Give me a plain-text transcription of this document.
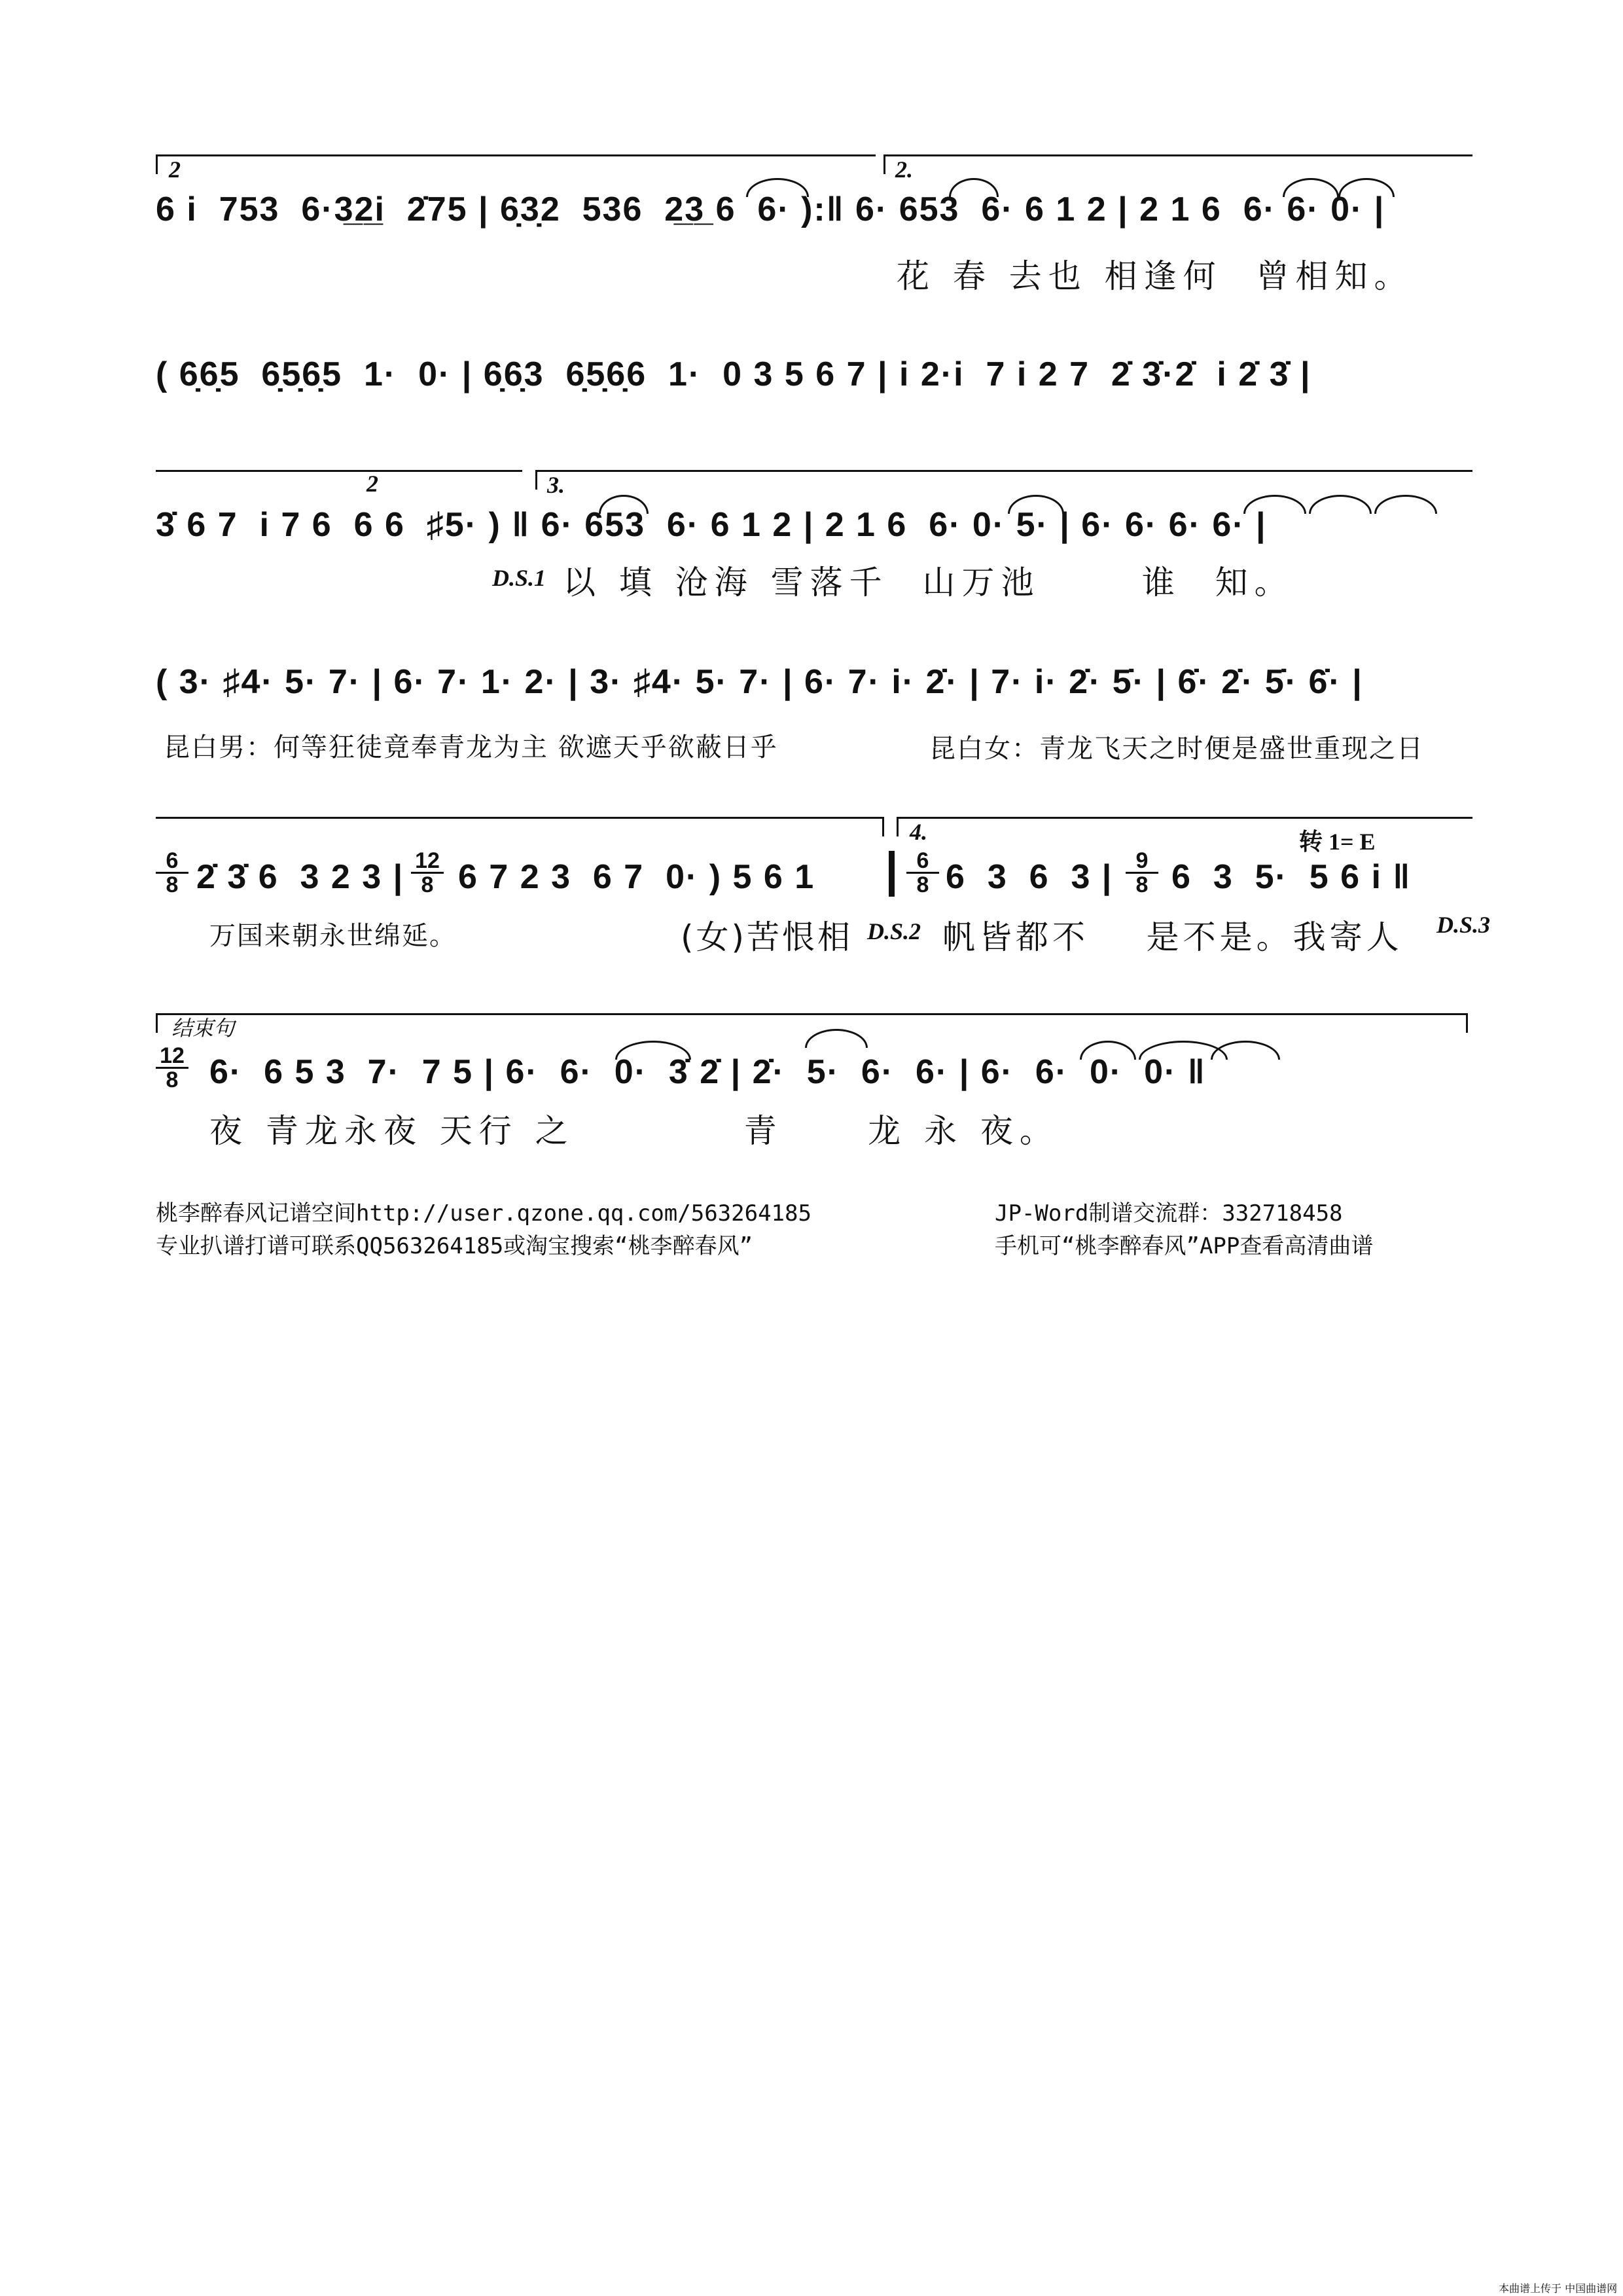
2	2.
6 i  753  6·3̲2̲i  2̇75 | 6̣3̣2  536  2̲3̲ 6  6· ):‖ 6· 653  6· 6 1 2 | 2 1 6  6· 6· 0· |
花 春 去也 相逢何  曾相知。
( 6̣6̣5  6̣5̣6̣5  1·  0· | 6̣6̣3  6̣5̣6̣6  1·  0 3 5 6 7 | i 2·i  7 i 2 7  2̇ 3̇·2̇  i 2̇ 3̇ |
2	3.
3̇ 6 7  i 7 6  6 6  ♯5· ) ‖ 6· 653  6· 6 1 2 | 2 1 6  6· 0· 5· | 6· 6· 6· 6· |
D.S.1 以 填 沧海 雪落千  山万池      谁  知。
( 3· ♯4· 5· 7· | 6· 7· 1· 2· | 3· ♯4· 5· 7· | 6· 7· i· 2̇· | 7· i· 2̇· 5̇· | 6̇· 2̇· 5̇· 6̇· |
昆白男：何等狂徒竟奉青龙为主 欲遮天乎欲蔽日乎	昆白女：青龙飞天之时便是盛世重现之日
4.	转 1= E
6
8 2̇ 3̇ 6  3 2 3 | 12
8 6 7 2 3  6 7  0· ) 5 6 1	6
8 6  3  6  3 |	9
8 6  3  5·  5 6 i ‖
万国来朝永世绵延。	(女)苦恨相 D.S.2 帆皆都不    是不是。我寄人 D.S.3
结束句
12
8 6·  6 5 3  7·  7 5 | 6·  6·  0·  3̇ 2̇ | 2̇·  5·  6·  6· | 6·  6·  0·  0· ‖
夜 青龙永夜 天行 之          青     龙 永 夜。
桃李醉春风记谱空间http://user.qzone.qq.com/563264185	JP-Word制谱交流群：332718458
专业扒谱打谱可联系QQ563264185或淘宝搜索“桃李醉春风”	手机可“桃李醉春风”APP查看高清曲谱
本曲谱上传于 中国曲谱网
